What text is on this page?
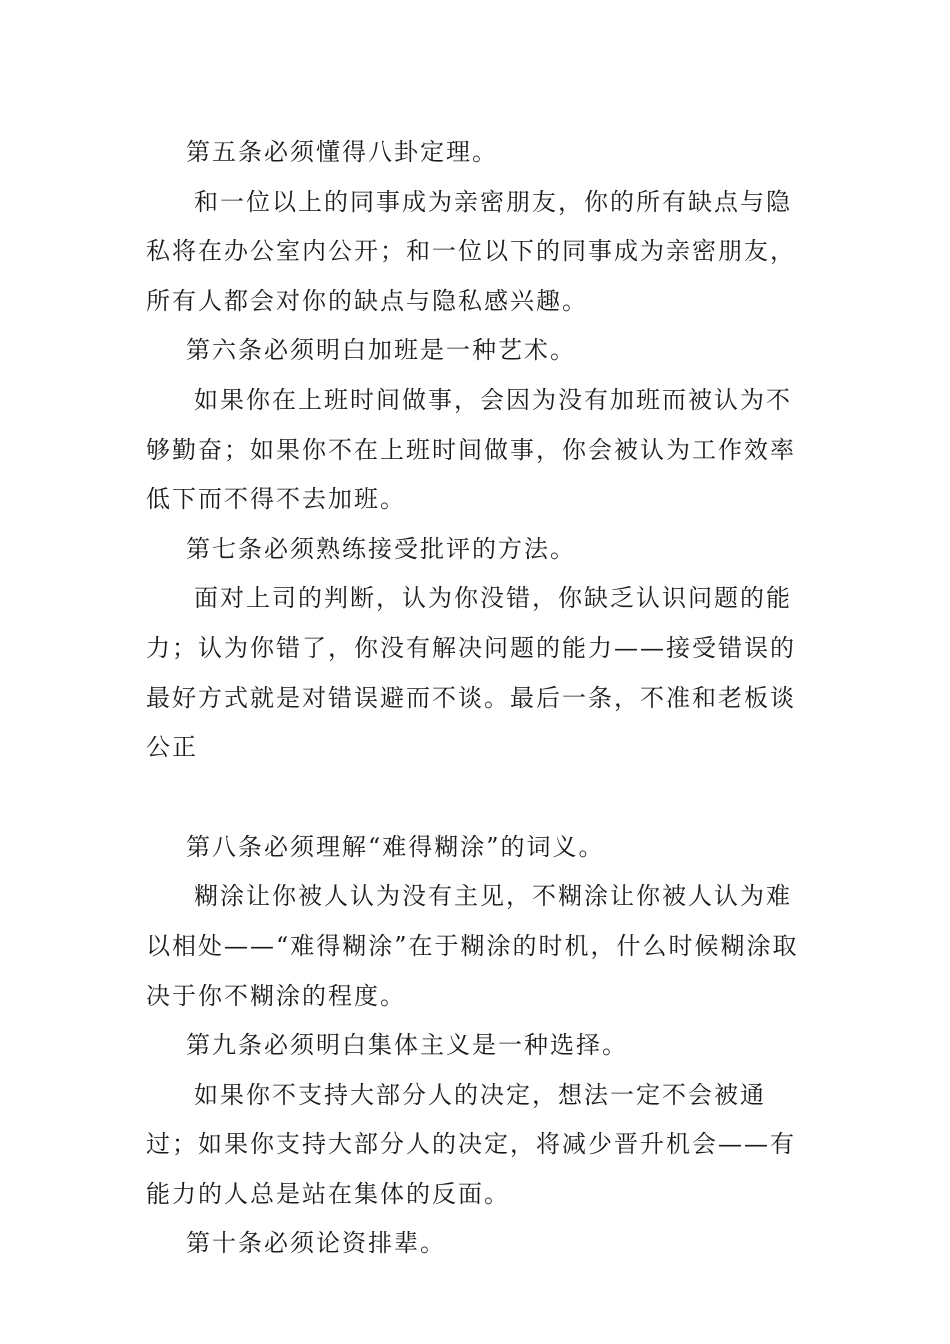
第五条必须懂得八卦定理。

和一位以上的同事成为亲密朋友，你的所有缺点与隐私将在办公室内公开；和一位以下的同事成为亲密朋友，所有人都会对你的缺点与隐私感兴趣。

第六条必须明白加班是一种艺术。

如果你在上班时间做事，会因为没有加班而被认为不够勤奋；如果你不在上班时间做事，你会被认为工作效率低下而不得不去加班。

第七条必须熟练接受批评的方法。

面对上司的判断，认为你没错，你缺乏认识问题的能力；认为你错了，你没有解决问题的能力——接受错误的最好方式就是对错误避而不谈。最后一条，不准和老板谈公正

第八条必须理解“难得糊涂”的词义。

糊涂让你被人认为没有主见，不糊涂让你被人认为难以相处——“难得糊涂”在于糊涂的时机，什么时候糊涂取决于你不糊涂的程度。

第九条必须明白集体主义是一种选择。

如果你不支持大部分人的决定，想法一定不会被通过；如果你支持大部分人的决定，将减少晋升机会——有能力的人总是站在集体的反面。

第十条必须论资排辈。
